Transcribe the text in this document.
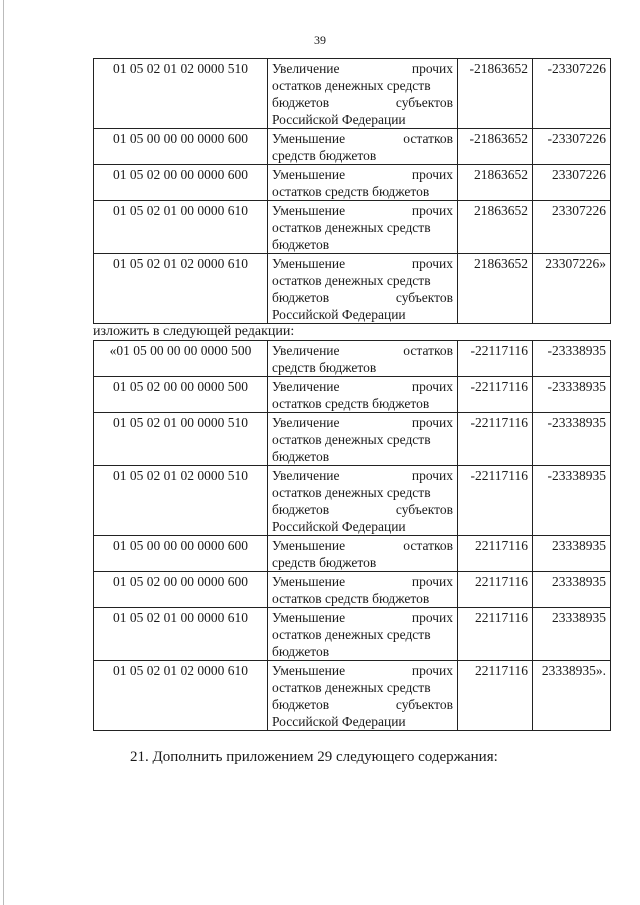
39
01 05 02 01 02 0000 510	Увеличение прочих
остатков денежных средств
бюджетов субъектов
Российской Федерации	-21863652	-23307226
01 05 00 00 00 0000 600	Уменьшение остатков
средств бюджетов	-21863652	-23307226
01 05 02 00 00 0000 600	Уменьшение прочих
остатков средств бюджетов	21863652	23307226
01 05 02 01 00 0000 610	Уменьшение прочих
остатков денежных средств
бюджетов	21863652	23307226
01 05 02 01 02 0000 610	Уменьшение прочих
остатков денежных средств
бюджетов субъектов
Российской Федерации	21863652	23307226»
изложить в следующей редакции:
«01 05 00 00 00 0000 500	Увеличение остатков
средств бюджетов	-22117116	-23338935
01 05 02 00 00 0000 500	Увеличение прочих
остатков средств бюджетов	-22117116	-23338935
01 05 02 01 00 0000 510	Увеличение прочих
остатков денежных средств
бюджетов	-22117116	-23338935
01 05 02 01 02 0000 510	Увеличение прочих
остатков денежных средств
бюджетов субъектов
Российской Федерации	-22117116	-23338935
01 05 00 00 00 0000 600	Уменьшение остатков
средств бюджетов	22117116	23338935
01 05 02 00 00 0000 600	Уменьшение прочих
остатков средств бюджетов	22117116	23338935
01 05 02 01 00 0000 610	Уменьшение прочих
остатков денежных средств
бюджетов	22117116	23338935
01 05 02 01 02 0000 610	Уменьшение прочих
остатков денежных средств
бюджетов субъектов
Российской Федерации	22117116	23338935».
21. Дополнить приложением 29 следующего содержания:
